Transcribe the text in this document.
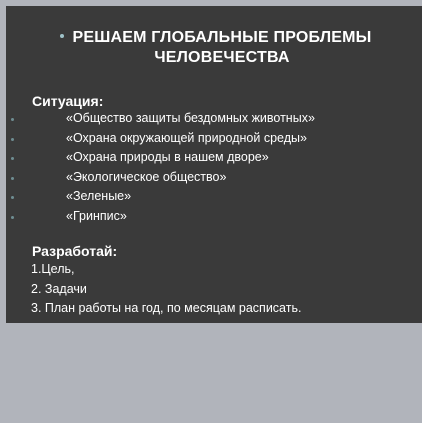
РЕШАЕМ ГЛОБАЛЬНЫЕ ПРОБЛЕМЫ
ЧЕЛОВЕЧЕСТВА
Ситуация:
«Общество защиты бездомных животных»
«Охрана окружающей природной среды»
«Охрана природы в нашем дворе»
«Экологическое общество»
«Зеленые»
«Гринпис»
Разработай:
1.Цель,
2. Задачи
3. План работы на год, по месяцам расписать.
